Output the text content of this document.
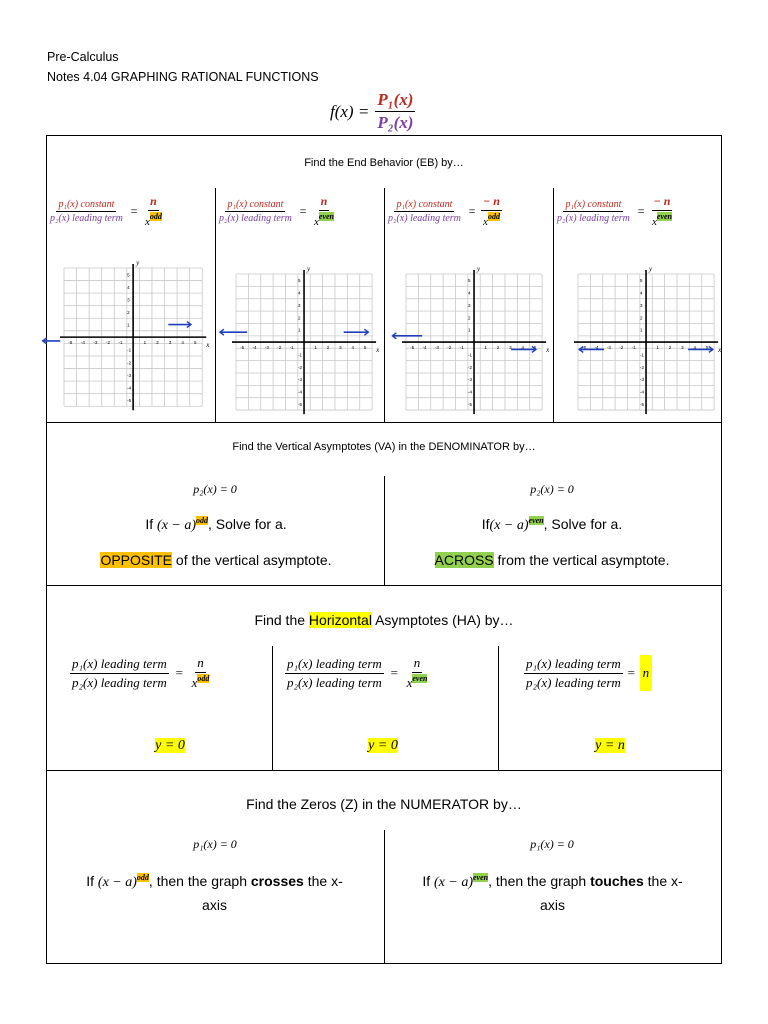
Pre-Calculus
Notes 4.04 GRAPHING RATIONAL FUNCTIONS
$f(x) = \frac{\text{P₁(x)}}{\text{P₂(x)}}$
Find the End Behavior (EB) by…
$\frac{\text{p₁(x) constant}}{\text{p₂(x) leading term}} = \frac{n}{x^{odd}}$	$\frac{\text{p₁(x) constant}}{\text{p₂(x) leading term}} = \frac{n}{x^{even}}$	$\frac{\text{p₁(x) constant}}{\text{p₂(x) leading term}} = \frac{- n}{x^{odd}}$	$\frac{\text{p₁(x) constant}}{\text{p₂(x) leading term}} = \frac{- n}{x^{even}}$
x
y
-5 -4 -3 -2 -1	1 2 3 4 5
5
4
3
2
1
-1
-2
-3
-4
-5
x
y
-5 -4 -3 -2 -1	1 2 3 4 5
5
4
3
2
1
-1
-2
-3
-4
-5
x
y
-5 -4 -3 -2 -1	1 2 3 4 5
5
4
3
2
1
-1
-2
-3
-4
-5
x
y
-5 -4 -3 -2 -1	1 2 3 4 5
5
4
3
2
1
-1
-2
-3
-4
-5
Find the Vertical Asymptotes (VA) in the DENOMINATOR by…
p₂(x) = 0	p₂(x) = 0
If $(x - a)^{odd}$, Solve for a.	$If(x - a)^{even}$, Solve for a.
OPPOSITE of the vertical asymptote.	ACROSS from the vertical asymptote.
Find the Horizontal Asymptotes (HA) by…
$\frac{\text{p₁(x) leading term}}{\text{p₂(x) leading term}} = \frac{n}{x^{odd}}$	$\frac{\text{p₁(x) leading term}}{\text{p₂(x) leading term}} = \frac{n}{x^{even}}$	$\frac{\text{p₁(x) leading term}}{\text{p₂(x) leading term}} = n$
y = 0	y = 0	y = n
Find the Zeros (Z) in the NUMERATOR by…
p₁(x) = 0	p₁(x) = 0
If $(x - a)^{odd}$, then the graph crosses the x-
axis
If $(x - a)^{even}$, then the graph touches the x-
axis
